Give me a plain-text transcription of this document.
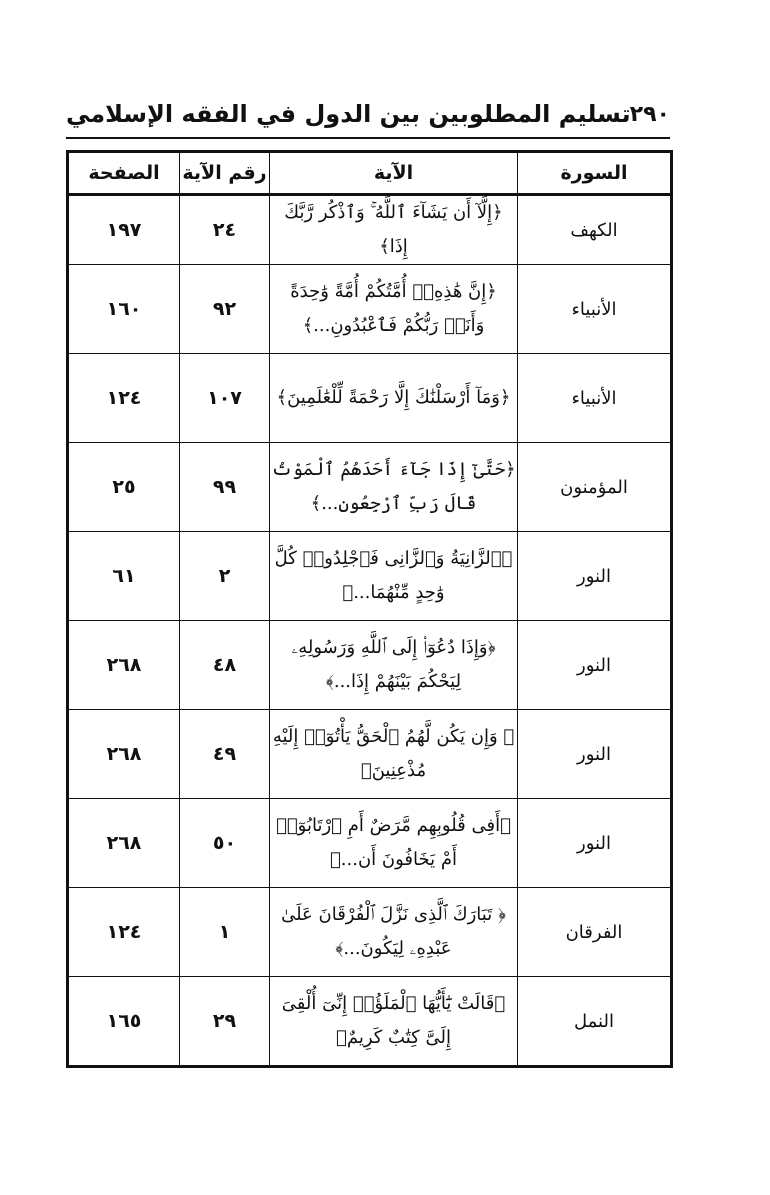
٢٩٠
تسليم المطلوبين بين الدول في الفقه الإسلامي
السورة	الآية	رقم الآية	الصفحة
الكهف	﴿إِلَّآ أَن يَشَآءَ ٱللَّهُ ۚ وَٱذْكُر رَّبَّكَ إِذَا﴾	٢٤	١٩٧
الأنبياء	﴿إِنَّ هَٰذِهِۦٓ أُمَّتُكُمْ أُمَّةً وَٰحِدَةً وَأَنَا۠ رَبُّكُمْ فَٱعْبُدُونِ...﴾	٩٢	١٦٠
الأنبياء	﴿وَمَآ أَرْسَلْنَٰكَ إِلَّا رَحْمَةً لِّلْعَٰلَمِينَ﴾	١٠٧	١٢٤
المؤمنون	﴿حَتَّىٰٓ إِذَا جَآءَ أَحَدَهُمُ ٱلْمَوْتُ قَالَ رَبِّ ٱرْجِعُونِ...﴾	٩٩	٢٥
النور	﴿ٱلزَّانِيَةُ وَٱلزَّانِى فَٱجْلِدُوا۟ كُلَّ وَٰحِدٍ مِّنْهُمَا...﴾	٢	٦١
النور	﴿وَإِذَا دُعُوٓا۟ إِلَى ٱللَّهِ وَرَسُولِهِۦ لِيَحْكُمَ بَيْنَهُمْ إِذَا...﴾	٤٨	٢٦٨
النور	﴿ وَإِن يَكُن لَّهُمُ ٱلْحَقُّ يَأْتُوٓا۟ إِلَيْهِ مُذْعِنِينَ﴾	٤٩	٢٦٨
النور	﴿أَفِى قُلُوبِهِم مَّرَضٌ أَمِ ٱرْتَابُوٓا۟ أَمْ يَخَافُونَ أَن...﴾	٥٠	٢٦٨
الفرقان	﴿ تَبَارَكَ ٱلَّذِى نَزَّلَ ٱلْفُرْقَانَ عَلَىٰ عَبْدِهِۦ لِيَكُونَ...﴾	١	١٢٤
النمل	﴿قَالَتْ يَٰٓأَيُّهَا ٱلْمَلَؤُا۟ إِنِّىٓ أُلْقِىَ إِلَىَّ كِتَٰبٌ كَرِيمٌ﴾	٢٩	١٦٥
